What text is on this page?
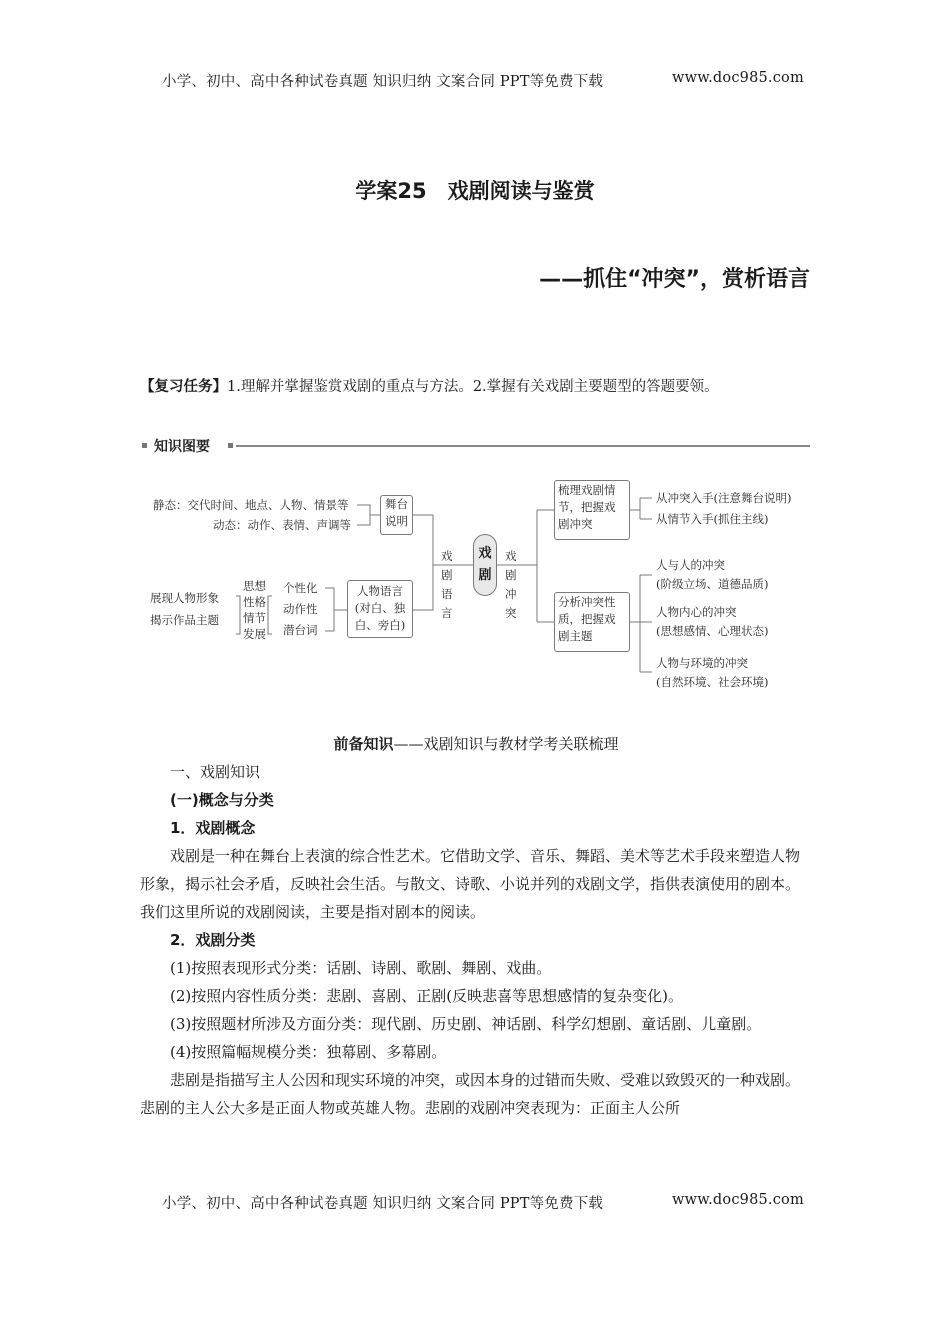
小学、初中、高中各种试卷真题 知识归纳 文案合同 PPT等免费下载	www.doc985.com
学案25　戏剧阅读与鉴赏
——抓住“冲突”，赏析语言
【复习任务】1.理解并掌握鉴赏戏剧的重点与方法。2.掌握有关戏剧主要题型的答题要领。
知识图要
静态：交代时间、地点、人物、情景等
动态：动作、表情、声调等
舞台说明
展现人物形象
揭示作品主题
思想
性格
情节
发展
个性化
动作性
潜台词
人物语言(对白、独白、旁白)
戏剧语言
戏剧
戏剧冲突
梳理戏剧情节，把握戏剧冲突
从冲突入手(注意舞台说明)
从情节入手(抓住主线)
分析冲突性质，把握戏剧主题
人与人的冲突
(阶级立场、道德品质)
人物内心的冲突
(思想感情、心理状态)
人物与环境的冲突
(自然环境、社会环境)
前备知识——戏剧知识与教材学考关联梳理

一、戏剧知识

(一)概念与分类

1．戏剧概念

戏剧是一种在舞台上表演的综合性艺术。它借助文学、音乐、舞蹈、美术等艺术手段来塑造人物形象，揭示社会矛盾，反映社会生活。与散文、诗歌、小说并列的戏剧文学，指供表演使用的剧本。我们这里所说的戏剧阅读，主要是指对剧本的阅读。

2．戏剧分类

(1)按照表现形式分类：话剧、诗剧、歌剧、舞剧、戏曲。

(2)按照内容性质分类：悲剧、喜剧、正剧(反映悲喜等思想感情的复杂变化)。

(3)按照题材所涉及方面分类：现代剧、历史剧、神话剧、科学幻想剧、童话剧、儿童剧。

(4)按照篇幅规模分类：独幕剧、多幕剧。

悲剧是指描写主人公因和现实环境的冲突，或因本身的过错而失败、受难以致毁灭的一种戏剧。悲剧的主人公大多是正面人物或英雄人物。悲剧的戏剧冲突表现为：正面主人公所

小学、初中、高中各种试卷真题 知识归纳 文案合同 PPT等免费下载	www.doc985.com
